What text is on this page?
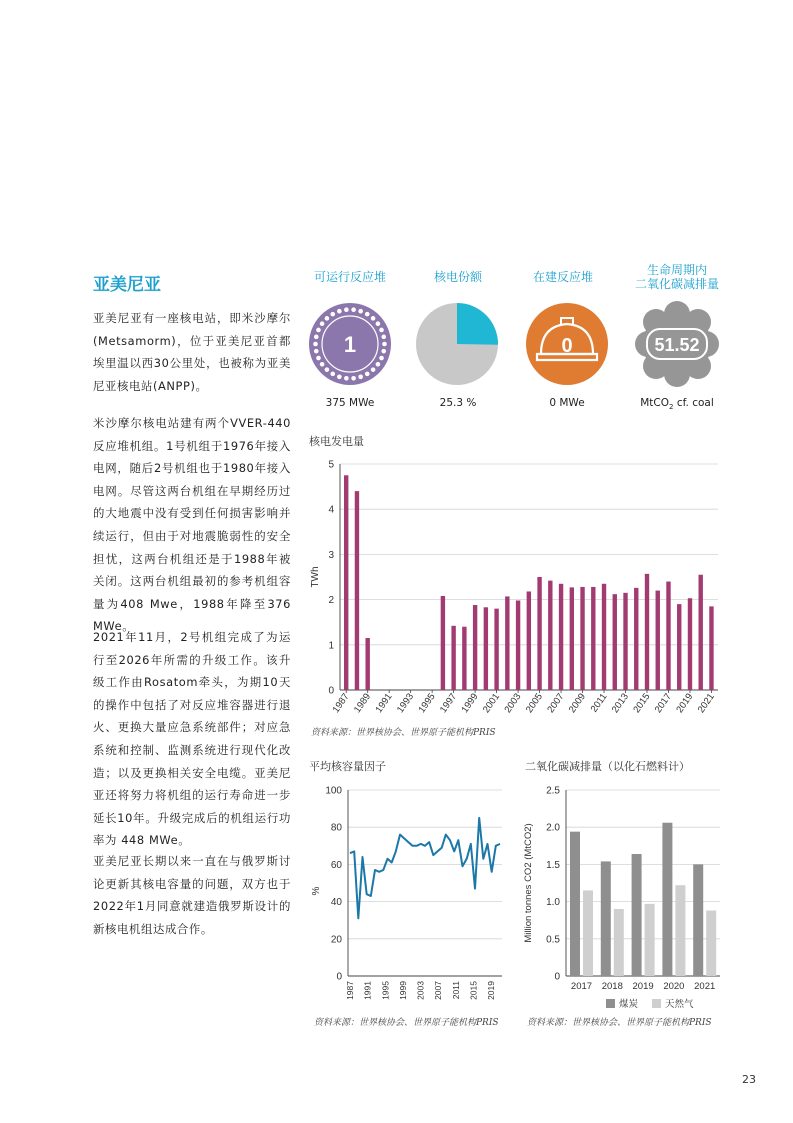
亚美尼亚

亚美尼亚有一座核电站，即米沙摩尔(Metsamorm)，位于亚美尼亚首都埃里温以西30公里处，也被称为亚美尼亚核电站(ANPP)。

米沙摩尔核电站建有两个VVER-440反应堆机组。1号机组于1976年接入电网，随后2号机组也于1980年接入电网。尽管这两台机组在早期经历过的大地震中没有受到任何损害影响并续运行，但由于对地震脆弱性的安全担忧，这两台机组还是于1988年被关闭。这两台机组最初的参考机组容量为408 Mwe，1988年降至376 MWe。

2021年11月，2号机组完成了为运行至2026年所需的升级工作。该升级工作由Rosatom牵头，为期10天的操作中包括了对反应堆容器进行退火、更换大量应急系统部件；对应急系统和控制、监测系统进行现代化改造；以及更换相关安全电缆。亚美尼亚还将努力将机组的运行寿命进一步延长10年。升级完成后的机组运行功率为 448 MWe。

亚美尼亚长期以来一直在与俄罗斯讨论更新其核电容量的问题，双方也于2022年1月同意就建造俄罗斯设计的新核电机组达成合作。

可运行反应堆	核电份额	在建反应堆	生命周期内
二氧化碳减排量
1	0	51.52
375 MWe	25.3 %	0 MWe	MtCO$_2$ cf. coal
核电发电量
0
1
2
3
4
5
TWh
1987 1989 1991 1993 1995 1997 1999 2001 2003 2005 2007 2009 2011 2013 2015 2017 2019 2021
资料来源：世界核协会、世界原子能机构PRIS
平均核容量因子
0
20
40
60
80
100
%
1987 1991 1995 1999 2003 2007 2011 2015 2019
资料来源：世界核协会、世界原子能机构PRIS
二氧化碳减排量（以化石燃料计）
0
0.5
1.0
1.5
2.0
2.5
Million tonnes CO2 (MtCO2)
2017 2018 2019 2020 2021
煤炭	天然气
资料来源：世界核协会、世界原子能机构PRIS
23
